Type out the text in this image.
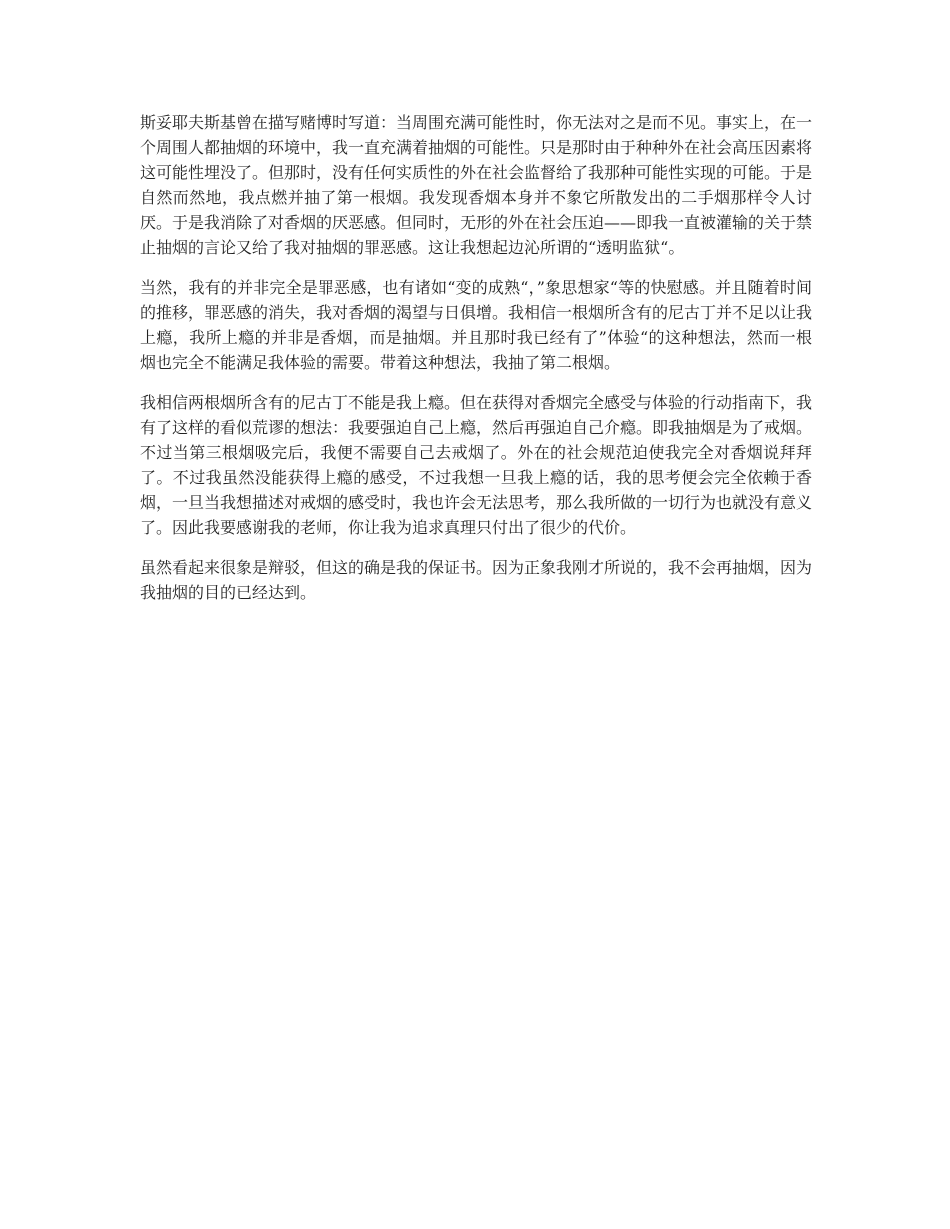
斯妥耶夫斯基曾在描写赌博时写道：当周围充满可能性时，你无法对之是而不见。事实上，在一个周围人都抽烟的环境中，我一直充满着抽烟的可能性。只是那时由于种种外在社会高压因素将这可能性埋没了。但那时，没有任何实质性的外在社会监督给了我那种可能性实现的可能。于是自然而然地，我点燃并抽了第一根烟。我发现香烟本身并不象它所散发出的二手烟那样令人讨厌。于是我消除了对香烟的厌恶感。但同时，无形的外在社会压迫——即我一直被灌输的关于禁止抽烟的言论又给了我对抽烟的罪恶感。这让我想起边沁所谓的“透明监狱“。

当然，我有的并非完全是罪恶感，也有诸如“变的成熟“，”象思想家“等的快慰感。并且随着时间的推移，罪恶感的消失，我对香烟的渴望与日俱增。我相信一根烟所含有的尼古丁并不足以让我上瘾，我所上瘾的并非是香烟，而是抽烟。并且那时我已经有了”体验“的这种想法，然而一根烟也完全不能满足我体验的需要。带着这种想法，我抽了第二根烟。

我相信两根烟所含有的尼古丁不能是我上瘾。但在获得对香烟完全感受与体验的行动指南下，我有了这样的看似荒谬的想法：我要强迫自己上瘾，然后再强迫自己介瘾。即我抽烟是为了戒烟。不过当第三根烟吸完后，我便不需要自己去戒烟了。外在的社会规范迫使我完全对香烟说拜拜了。不过我虽然没能获得上瘾的感受，不过我想一旦我上瘾的话，我的思考便会完全依赖于香烟，一旦当我想描述对戒烟的感受时，我也许会无法思考，那么我所做的一切行为也就没有意义了。因此我要感谢我的老师，你让我为追求真理只付出了很少的代价。

虽然看起来很象是辩驳，但这的确是我的保证书。因为正象我刚才所说的，我不会再抽烟，因为我抽烟的目的已经达到。
